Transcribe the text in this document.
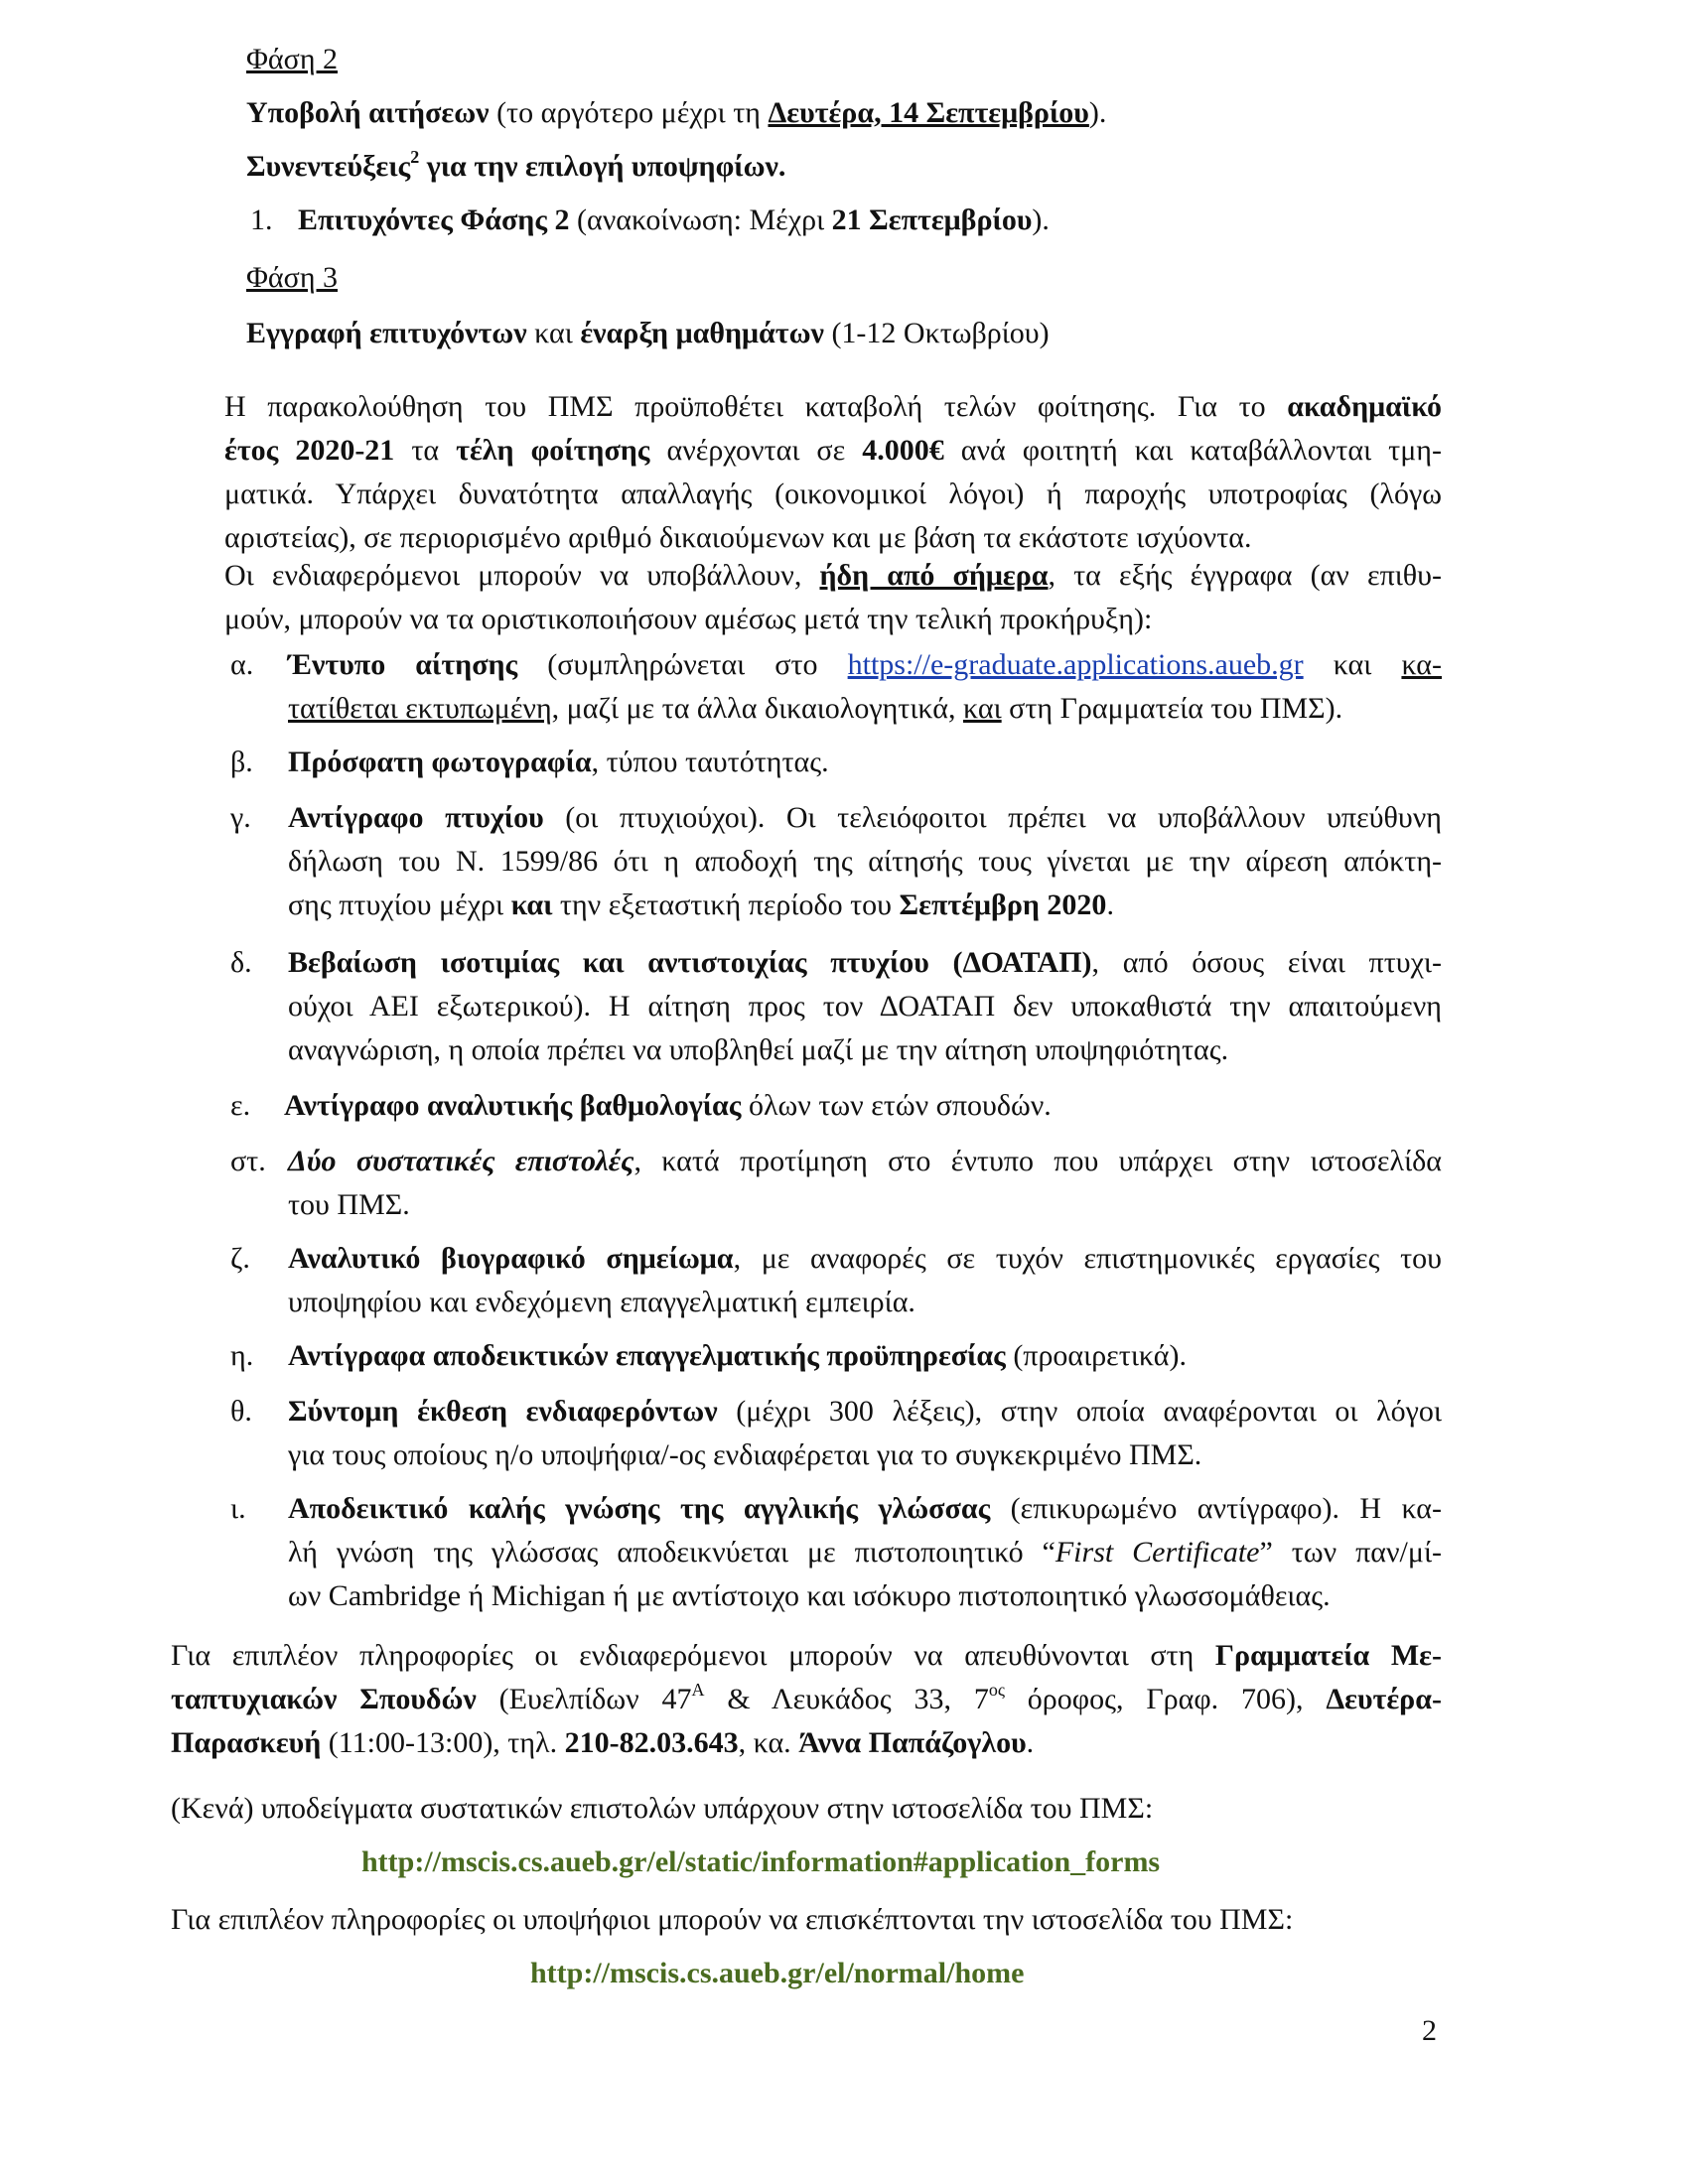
Φάση 2
Υποβολή αιτήσεων (το αργότερο μέχρι τη Δευτέρα, 14 Σεπτεμβρίου).
Συνεντεύξεις$^2$ για την επιλογή υποψηφίων.
1. Επιτυχόντες Φάσης 2 (ανακοίνωση: Μέχρι 21 Σεπτεμβρίου).
Φάση 3
Εγγραφή επιτυχόντων και έναρξη μαθημάτων (1-12 Οκτωβρίου)
Η παρακολούθηση του ΠΜΣ προϋποθέτει καταβολή τελών φοίτησης. Για το ακαδημαϊκό
έτος 2020-21 τα τέλη φοίτησης ανέρχονται σε 4.000€ ανά φοιτητή και καταβάλλονται τμη-
ματικά. Υπάρχει δυνατότητα απαλλαγής (οικονομικοί λόγοι) ή παροχής υποτροφίας (λόγω
αριστείας), σε περιορισμένο αριθμό δικαιούμενων και με βάση τα εκάστοτε ισχύοντα.
Οι ενδιαφερόμενοι μπορούν να υποβάλλουν, ήδη από σήμερα, τα εξής έγγραφα (αν επιθυ-
μούν, μπορούν να τα οριστικοποιήσουν αμέσως μετά την τελική προκήρυξη):
α. Έντυπο αίτησης (συμπληρώνεται στο https://e-graduate.applications.aueb.gr και κα-
τατίθεται εκτυπωμένη, μαζί με τα άλλα δικαιολογητικά, και στη Γραμματεία του ΠΜΣ).
β. Πρόσφατη φωτογραφία, τύπου ταυτότητας.
γ. Αντίγραφο πτυχίου (οι πτυχιούχοι). Οι τελειόφοιτοι πρέπει να υποβάλλουν υπεύθυνη
δήλωση του Ν. 1599/86 ότι η αποδοχή της αίτησής τους γίνεται με την αίρεση απόκτη-
σης πτυχίου μέχρι και την εξεταστική περίοδο του Σεπτέμβρη 2020.
δ. Βεβαίωση ισοτιμίας και αντιστοιχίας πτυχίου (ΔΟΑΤΑΠ), από όσους είναι πτυχι-
ούχοι ΑΕΙ εξωτερικού). Η αίτηση προς τον ΔΟΑΤΑΠ δεν υποκαθιστά την απαιτούμενη
αναγνώριση, η οποία πρέπει να υποβληθεί μαζί με την αίτηση υποψηφιότητας.
ε. Αντίγραφο αναλυτικής βαθμολογίας όλων των ετών σπουδών.
στ. Δύο συστατικές επιστολές, κατά προτίμηση στο έντυπο που υπάρχει στην ιστοσελίδα
του ΠΜΣ.
ζ. Αναλυτικό βιογραφικό σημείωμα, με αναφορές σε τυχόν επιστημονικές εργασίες του
υποψηφίου και ενδεχόμενη επαγγελματική εμπειρία.
η. Αντίγραφα αποδεικτικών επαγγελματικής προϋπηρεσίας (προαιρετικά).
θ. Σύντομη έκθεση ενδιαφερόντων (μέχρι 300 λέξεις), στην οποία αναφέρονται οι λόγοι
για τους οποίους η/ο υποψήφια/-ος ενδιαφέρεται για το συγκεκριμένο ΠΜΣ.
ι. Αποδεικτικό καλής γνώσης της αγγλικής γλώσσας (επικυρωμένο αντίγραφο). Η κα-
λή γνώση της γλώσσας αποδεικνύεται με πιστοποιητικό “First Certificate” των παν/μί-
ων Cambridge ή Michigan ή με αντίστοιχο και ισόκυρο πιστοποιητικό γλωσσομάθειας.
Για επιπλέον πληροφορίες οι ενδιαφερόμενοι μπορούν να απευθύνονται στη Γραμματεία Με-
ταπτυχιακών Σπουδών (Ευελπίδων $47^A$ & Λευκάδος 33, $7^{o\varsigma}$ όροφος, Γραφ. 706), Δευτέρα-
Παρασκευή (11:00-13:00), τηλ. 210-82.03.643, κα. Άννα Παπάζογλου.
(Κενά) υποδείγματα συστατικών επιστολών υπάρχουν στην ιστοσελίδα του ΠΜΣ:
http://mscis.cs.aueb.gr/el/static/information#application_forms
Για επιπλέον πληροφορίες οι υποψήφιοι μπορούν να επισκέπτονται την ιστοσελίδα του ΠΜΣ:
http://mscis.cs.aueb.gr/el/normal/home
2
